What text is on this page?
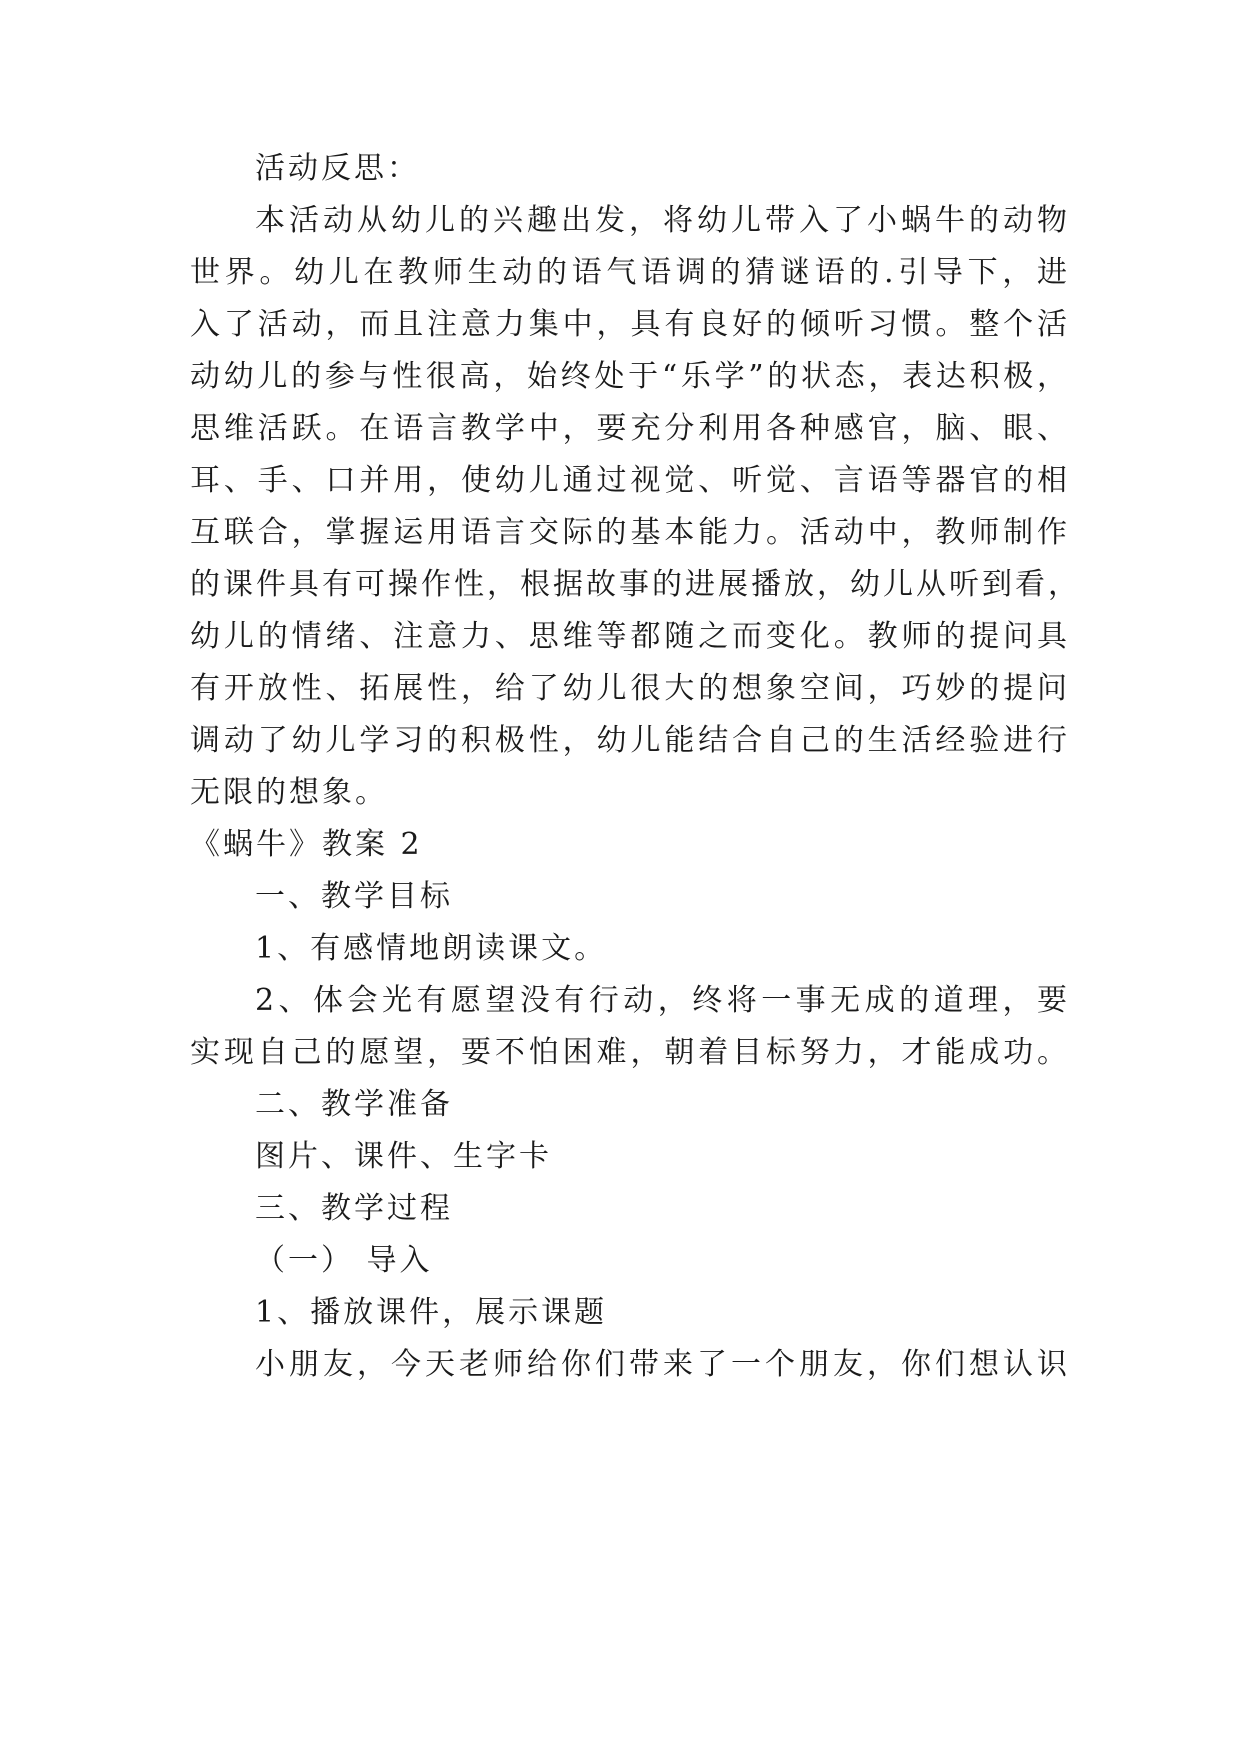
活动反思：
本活动从幼儿的兴趣出发，将幼儿带入了小蜗牛的动物
世界。幼儿在教师生动的语气语调的猜谜语的.引导下，进
入了活动，而且注意力集中，具有良好的倾听习惯。整个活
动幼儿的参与性很高，始终处于“乐学”的状态，表达积极，
思维活跃。在语言教学中，要充分利用各种感官，脑、眼、
耳、手、口并用，使幼儿通过视觉、听觉、言语等器官的相
互联合，掌握运用语言交际的基本能力。活动中，教师制作
的课件具有可操作性，根据故事的进展播放，幼儿从听到看，
幼儿的情绪、注意力、思维等都随之而变化。教师的提问具
有开放性、拓展性，给了幼儿很大的想象空间，巧妙的提问
调动了幼儿学习的积极性，幼儿能结合自己的生活经验进行
无限的想象。
《蜗牛》教案 2
一、教学目标
1、有感情地朗读课文。
2、体会光有愿望没有行动，终将一事无成的道理，要
实现自己的愿望，要不怕困难，朝着目标努力，才能成功。
二、教学准备
图片、课件、生字卡
三、教学过程
（一） 导入
1、播放课件，展示课题
小朋友，今天老师给你们带来了一个朋友，你们想认识
